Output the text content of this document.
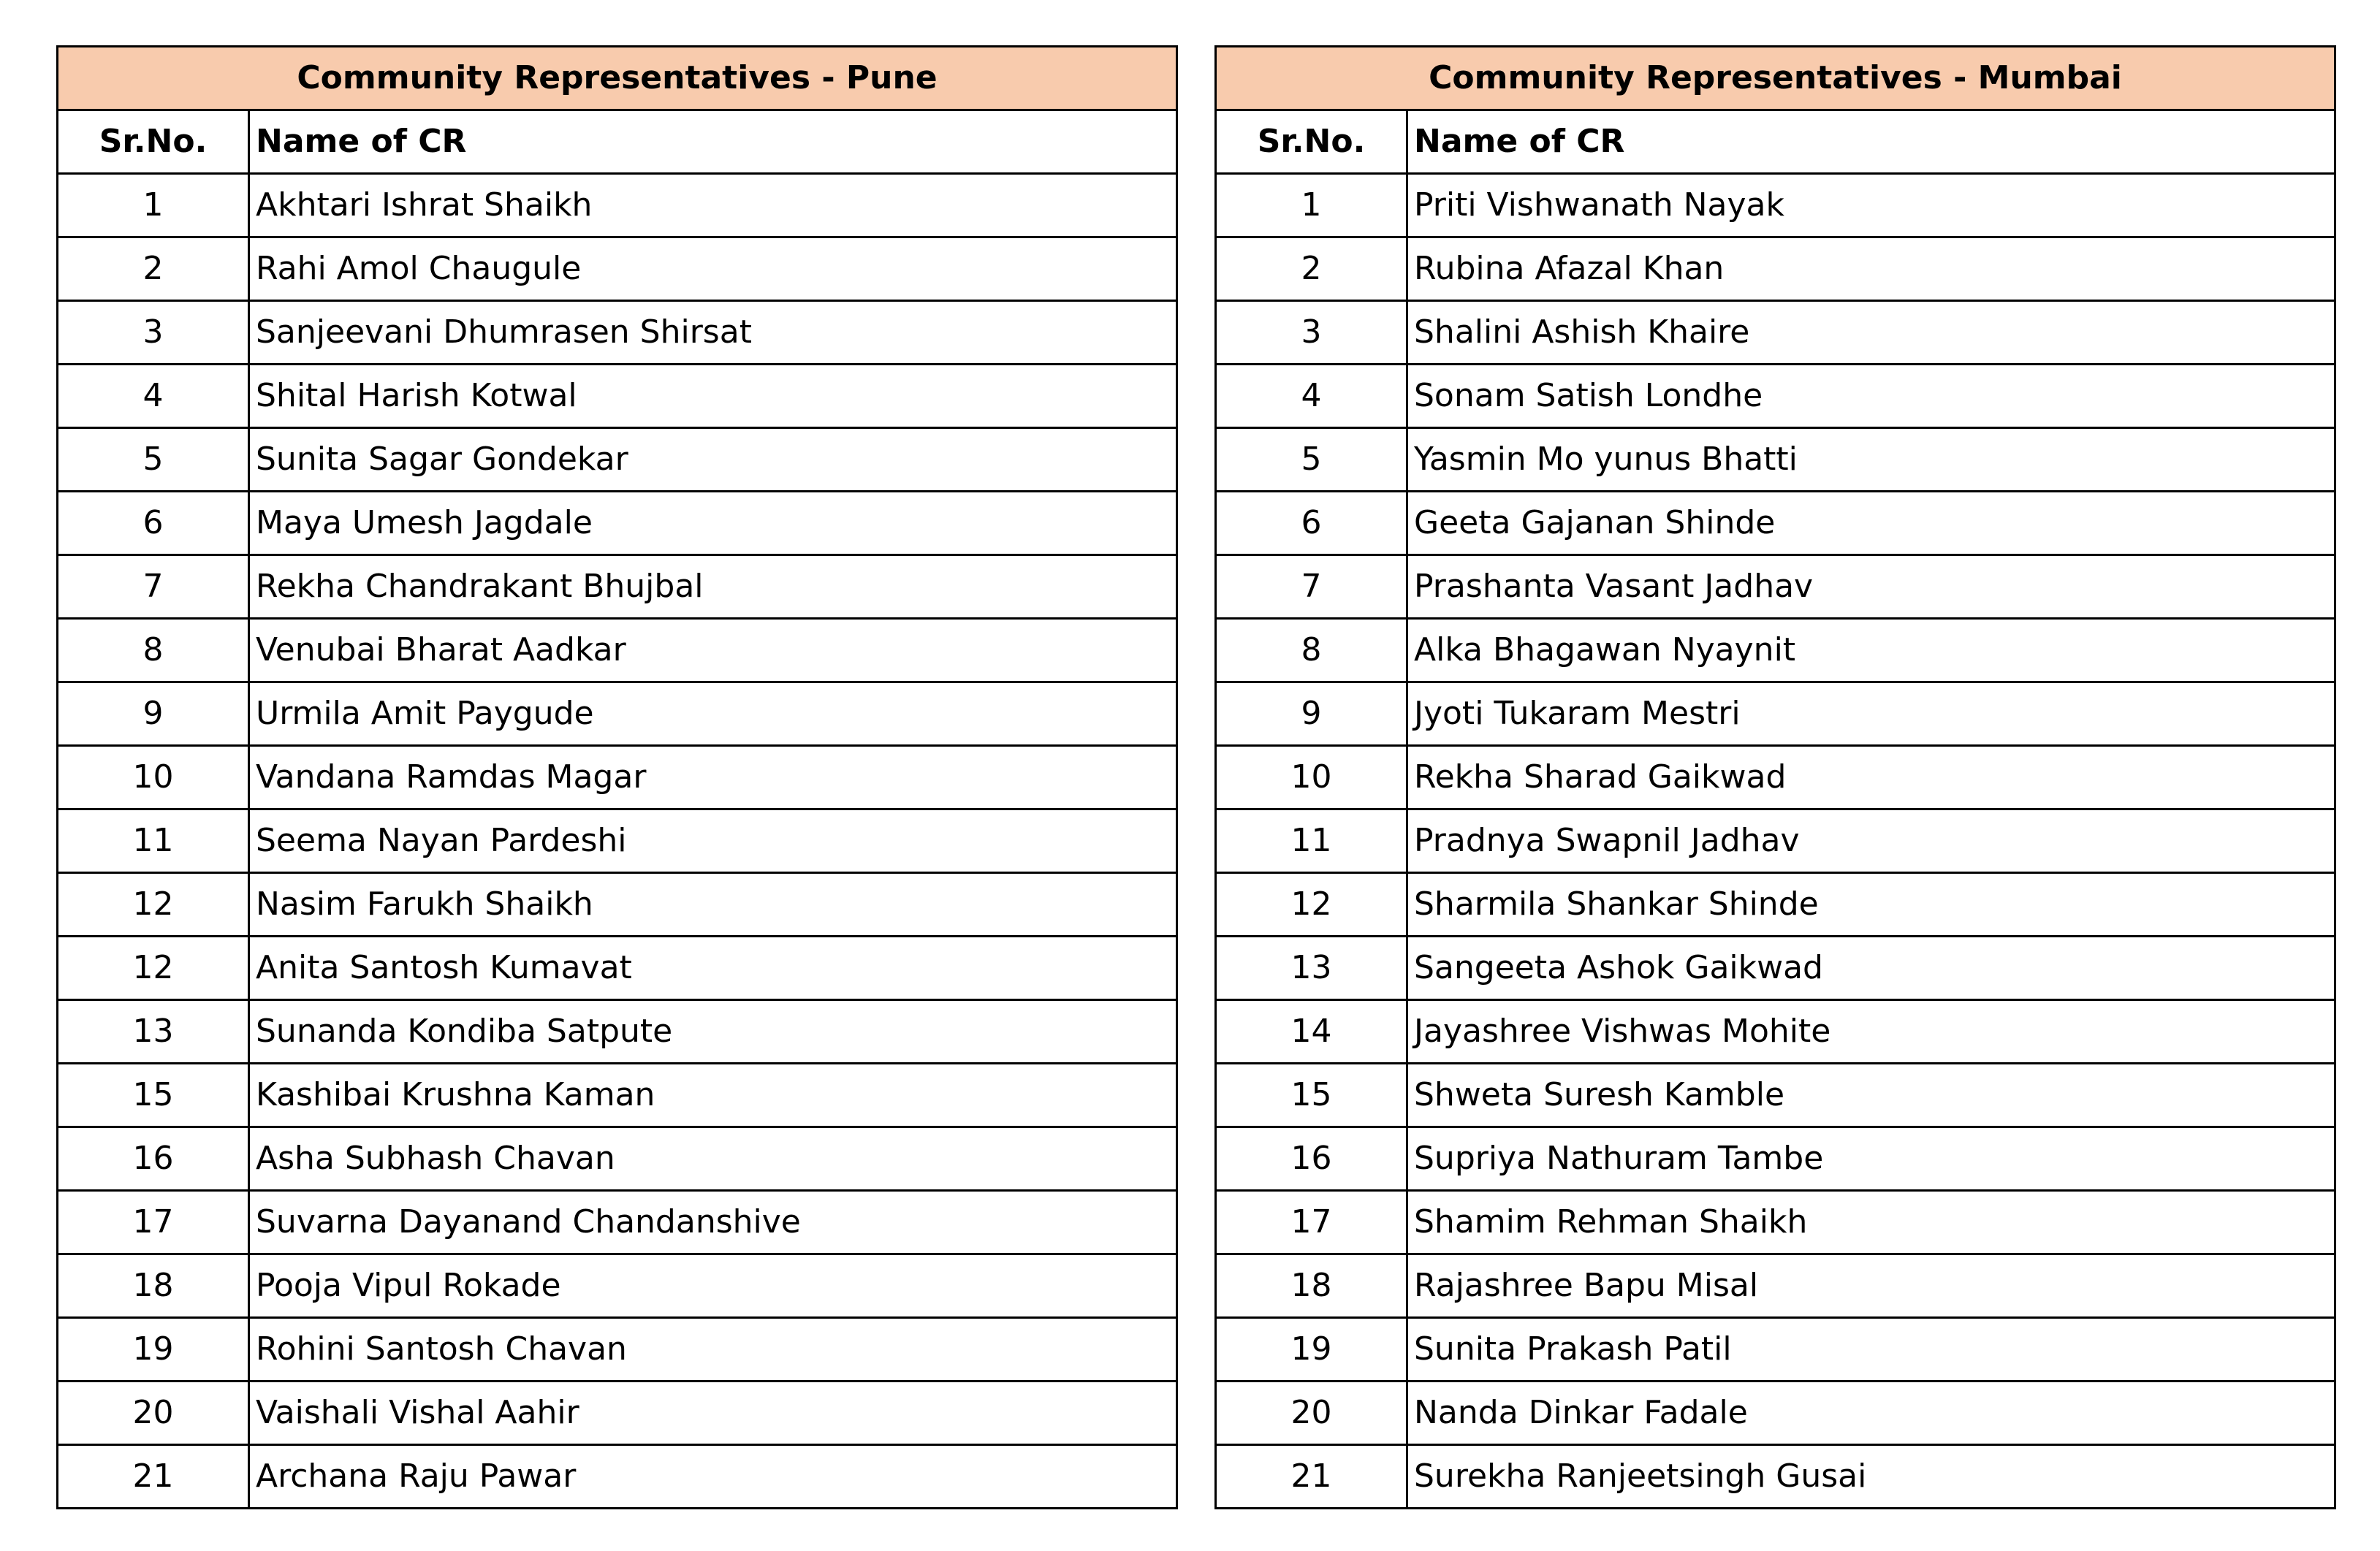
Community Representatives - Pune	
Sr.No.	Name of CR
1	Akhtari Ishrat Shaikh
2	Rahi Amol Chaugule
3	Sanjeevani Dhumrasen Shirsat
4	Shital Harish Kotwal
5	Sunita Sagar Gondekar
6	Maya Umesh Jagdale
7	Rekha Chandrakant Bhujbal
8	Venubai Bharat Aadkar
9	Urmila Amit Paygude
10	Vandana Ramdas Magar
11	Seema Nayan Pardeshi
12	Nasim Farukh Shaikh
12	Anita Santosh Kumavat
13	Sunanda Kondiba Satpute
15	Kashibai Krushna Kaman
16	Asha Subhash Chavan
17	Suvarna Dayanand Chandanshive
18	Pooja Vipul Rokade
19	Rohini Santosh Chavan
20	Vaishali Vishal Aahir
21	Archana Raju Pawar
Community Representatives - Mumbai	
Sr.No.	Name of CR
1	Priti Vishwanath Nayak
2	Rubina Afazal Khan
3	Shalini Ashish Khaire
4	Sonam Satish Londhe
5	Yasmin Mo yunus Bhatti
6	Geeta Gajanan Shinde
7	Prashanta Vasant Jadhav
8	Alka Bhagawan Nyaynit
9	Jyoti Tukaram Mestri
10	Rekha Sharad Gaikwad
11	Pradnya Swapnil Jadhav
12	Sharmila Shankar Shinde
13	Sangeeta Ashok Gaikwad
14	Jayashree Vishwas Mohite
15	Shweta Suresh Kamble
16	Supriya Nathuram Tambe
17	Shamim Rehman Shaikh
18	Rajashree Bapu Misal
19	Sunita Prakash Patil
20	Nanda Dinkar Fadale
21	Surekha Ranjeetsingh Gusai
